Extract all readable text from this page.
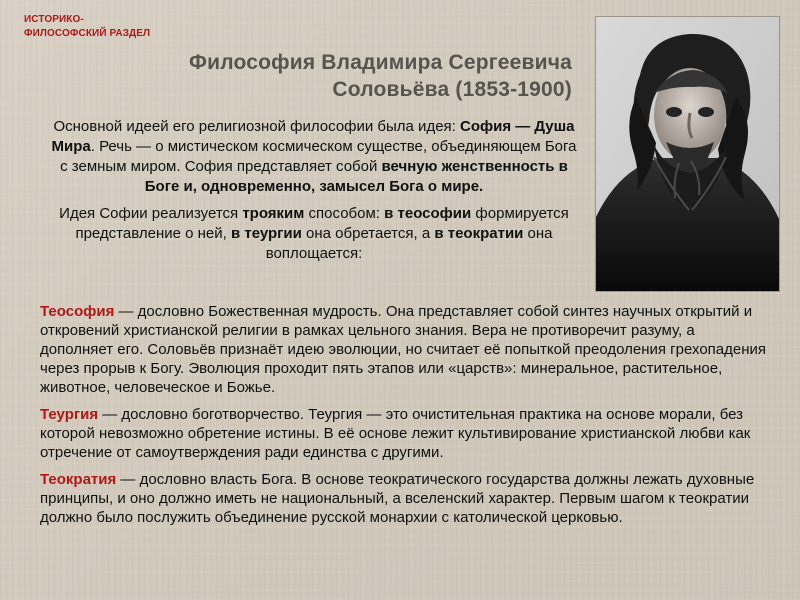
ИСТОРИКО-
ФИЛОСОФСКИЙ РАЗДЕЛ
Философия Владимира Сергеевича
Соловьёва (1853-1900)

Основной идеей его религиозной философии была идея: София — Душа Мира. Речь — о мистическом космическом существе, объединяющем Бога с земным миром. София представляет собой вечную женственность в Боге и, одновременно, замысел Бога о мире.

Идея Софии реализуется трояким способом: в теософии формируется представление о ней, в теургии она обретается, а в теократии она воплощается:

Теософия — дословно Божественная мудрость. Она представляет собой синтез научных открытий и откровений христианской религии в рамках цельного знания. Вера не противоречит разуму, а дополняет его. Соловьёв признаёт идею эволюции, но считает её попыткой преодоления грехопадения через прорыв к Богу. Эволюция проходит пять этапов или «царств»: минеральное, растительное, животное, человеческое и Божье.

Теургия — дословно боготворчество. Теургия — это очистительная практика на основе морали, без которой невозможно обретение истины. В её основе лежит культивирование христианской любви как отречение от самоутверждения ради единства с другими.

Теократия — дословно власть Бога. В основе теократического государства должны лежать духовные принципы, и оно должно иметь не национальный, а вселенский характер. Первым шагом к теократии должно было послужить объединение русской монархии с католической церковью.
